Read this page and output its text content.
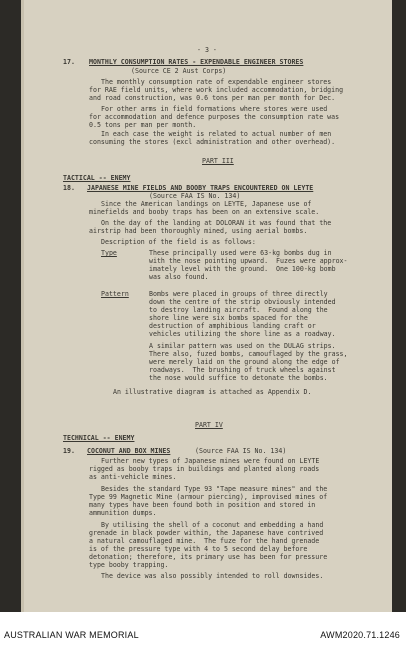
- 3 -
17. MONTHLY CONSUMPTION RATES - EXPENDABLE ENGINEER STORES
(Source CE 2 Aust Corps)
The monthly consumption rate of expendable engineer stores
for RAE field units, where work included accommodation, bridging
and road construction, was 0.6 tons per man per month for Dec.
For other arms in field formations where stores were used
for accommodation and defence purposes the consumption rate was
0.5 tons per man per month.
In each case the weight is related to actual number of men
consuming the stores (excl administration and other overhead).
PART III
TACTICAL -- ENEMY
18. JAPANESE MINE FIELDS AND BOOBY TRAPS ENCOUNTERED ON LEYTE
(Source FAA IS No. 134)
Since the American landings on LEYTE, Japanese use of
minefields and booby traps has been on an extensive scale.
On the day of the landing at DOLORAN it was found that the
airstrip had been thoroughly mined, using aerial bombs.
Description of the field is as follows:
Type	These principally used were 63-kg bombs dug in
with the nose pointing upward.  Fuzes were approx-
imately level with the ground.  One 100-kg bomb
was also found.
Pattern	Bombs were placed in groups of three directly
down the centre of the strip obviously intended
to destroy landing aircraft.  Found along the
shore line were six bombs spaced for the
destruction of amphibious landing craft or
vehicles utilizing the shore line as a roadway.
A similar pattern was used on the DULAG strips.
There also, fuzed bombs, camouflaged by the grass,
were merely laid on the ground along the edge of
roadways.  The brushing of truck wheels against
the nose would suffice to detonate the bombs.
An illustrative diagram is attached as Appendix D.
PART IV
TECHNICAL -- ENEMY
19. COCONUT AND BOX MINES	(Source FAA IS No. 134)
Further new types of Japanese mines were found on LEYTE
rigged as booby traps in buildings and planted along roads
as anti-vehicle mines.
Besides the standard Type 93 "Tape measure mines" and the
Type 99 Magnetic Mine (armour piercing), improvised mines of
many types have been found both in position and stored in
ammunition dumps.
By utilising the shell of a coconut and embedding a hand
grenade in black powder within, the Japanese have contrived
a natural camouflaged mine.  The fuze for the hand grenade
is of the pressure type with 4 to 5 second delay before
detonation; therefore, its primary use has been for pressure
type booby trapping.
The device was also possibly intended to roll downsides.
AUSTRALIAN WAR MEMORIAL	AWM2020.71.1246
